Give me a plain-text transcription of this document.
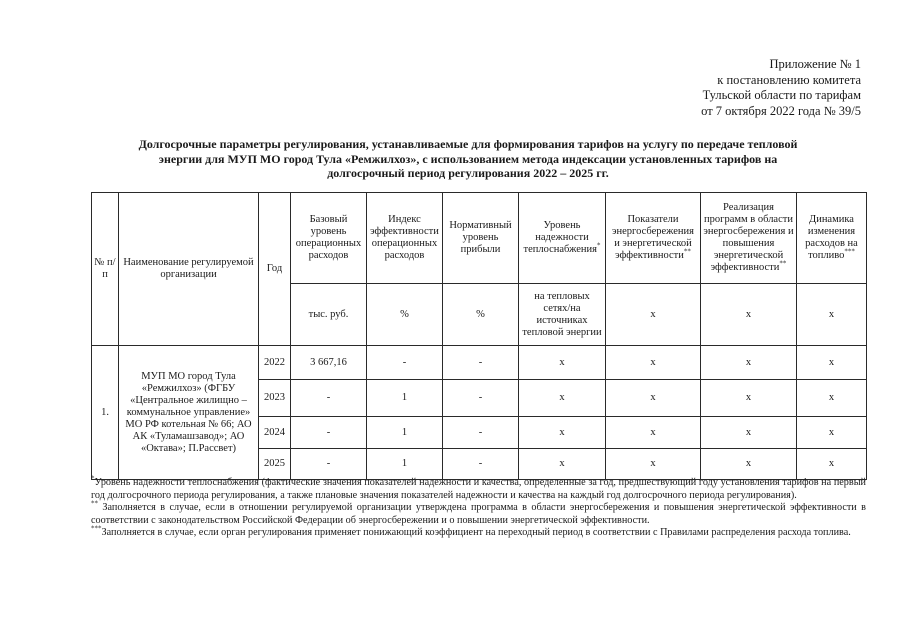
Приложение № 1
к постановлению комитета
Тульской области по тарифам
от 7 октября 2022 года № 39/5
Долгосрочные параметры регулирования, устанавливаемые для формирования тарифов на услугу по передаче тепловой
энергии для МУП МО город Тула «Ремжилхоз», с использованием метода индексации установленных тарифов на
долгосрочный период регулирования 2022 – 2025 гг.
№ п/п	Наименование регулируемой организации	Год	Базовый уровень операционных расходов	Индекс эффективности операционных расходов	Нормативный уровень прибыли	Уровень надежности теплоснабжения*	Показатели энергосбережения и энергетической эффективности**	Реализация программ в области энергосбережения и повышения энергетической эффективности**	Динамика изменения расходов на топливо***
			тыс. руб.	%	%	на тепловых сетях/на источниках тепловой энергии	х	х	х
1.	МУП МО город Тула «Ремжилхоз» (ФГБУ «Центральное жилищно – коммунальное управление» МО РФ котельная № 66; АО АК «Туламашзавод»; АО «Октава»; П.Рассвет)	2022	3 667,16	-	-	х	х	х	х
		2023	-	1	-	х	х	х	х
		2024	-	1	-	х	х	х	х
		2025	-	1	-	х	х	х	х

*Уровень надежности теплоснабжения (фактические значения показателей надежности и качества, определенные за год, предшествующий году установления тарифов на первый год долгосрочного периода регулирования, а также плановые значения показателей надежности и качества на каждый год долгосрочного периода регулирования).

** Заполняется в случае, если в отношении регулируемой организации утверждена программа в области энергосбережения и повышения энергетической эффективности в соответствии с законодательством Российской Федерации об энергосбережении и о повышении энергетической эффективности.

***Заполняется в случае, если орган регулирования применяет понижающий коэффициент на переходный период в соответствии с Правилами распределения расхода топлива.
